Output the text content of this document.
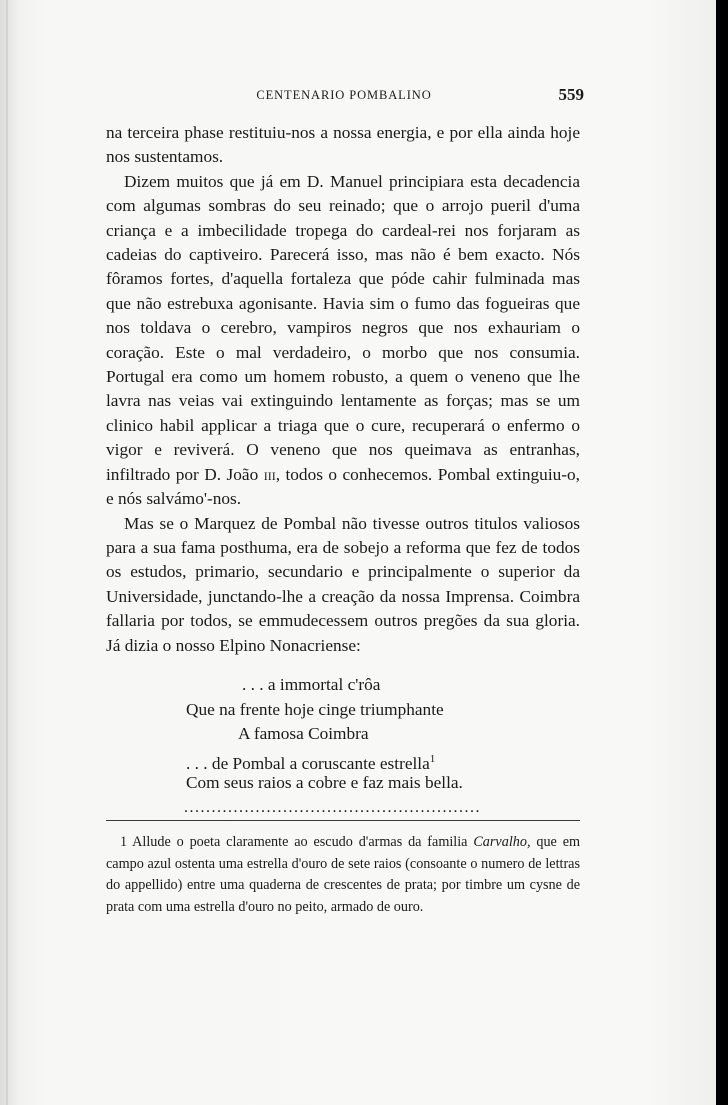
CENTENARIO POMBALINO	559

na terceira phase restituiu-nos a nossa energia, e por ella ainda hoje nos sustentamos.

Dizem muitos que já em D. Manuel principiara esta decadencia com algumas sombras do seu reinado; que o arrojo pueril d'uma criança e a imbecilidade tropega do cardeal-rei nos forjaram as cadeias do captiveiro. Parecerá isso, mas não é bem exacto. Nós fôramos fortes, d'aquella fortaleza que póde cahir fulminada mas que não estrebuxa agonisante. Havia sim o fumo das fogueiras que nos toldava o cerebro, vampiros negros que nos exhauriam o coração. Este o mal verdadeiro, o morbo que nos consumia. Portugal era como um homem robusto, a quem o veneno que lhe lavra nas veias vai extinguindo lentamente as forças; mas se um clinico habil applicar a triaga que o cure, recuperará o enfermo o vigor e reviverá. O veneno que nos queimava as entranhas, infiltrado por D. João iii, todos o conhecemos. Pombal extinguiu-o, e nós salvámo'-nos.

Mas se o Marquez de Pombal não tivesse outros titulos valiosos para a sua fama posthuma, era de sobejo a reforma que fez de todos os estudos, primario, secundario e principalmente o superior da Universidade, junctando-lhe a creação da nossa Imprensa. Coimbra fallaria por todos, se emmudecessem outros pregões da sua gloria. Já dizia o nosso Elpino Nonacriense:

. . . a immortal c'rôa
Que na frente hoje cinge triumphante
A famosa Coimbra
. . . de Pombal a coruscante estrella$^1$
Com seus raios a cobre e faz mais bella.
......................................................

1 Allude o poeta claramente ao escudo d'armas da familia Carvalho, que em campo azul ostenta uma estrella d'ouro de sete raios (consoante o numero de lettras do appellido) entre uma quaderna de crescentes de prata; por timbre um cysne de prata com uma estrella d'ouro no peito, armado de ouro.
